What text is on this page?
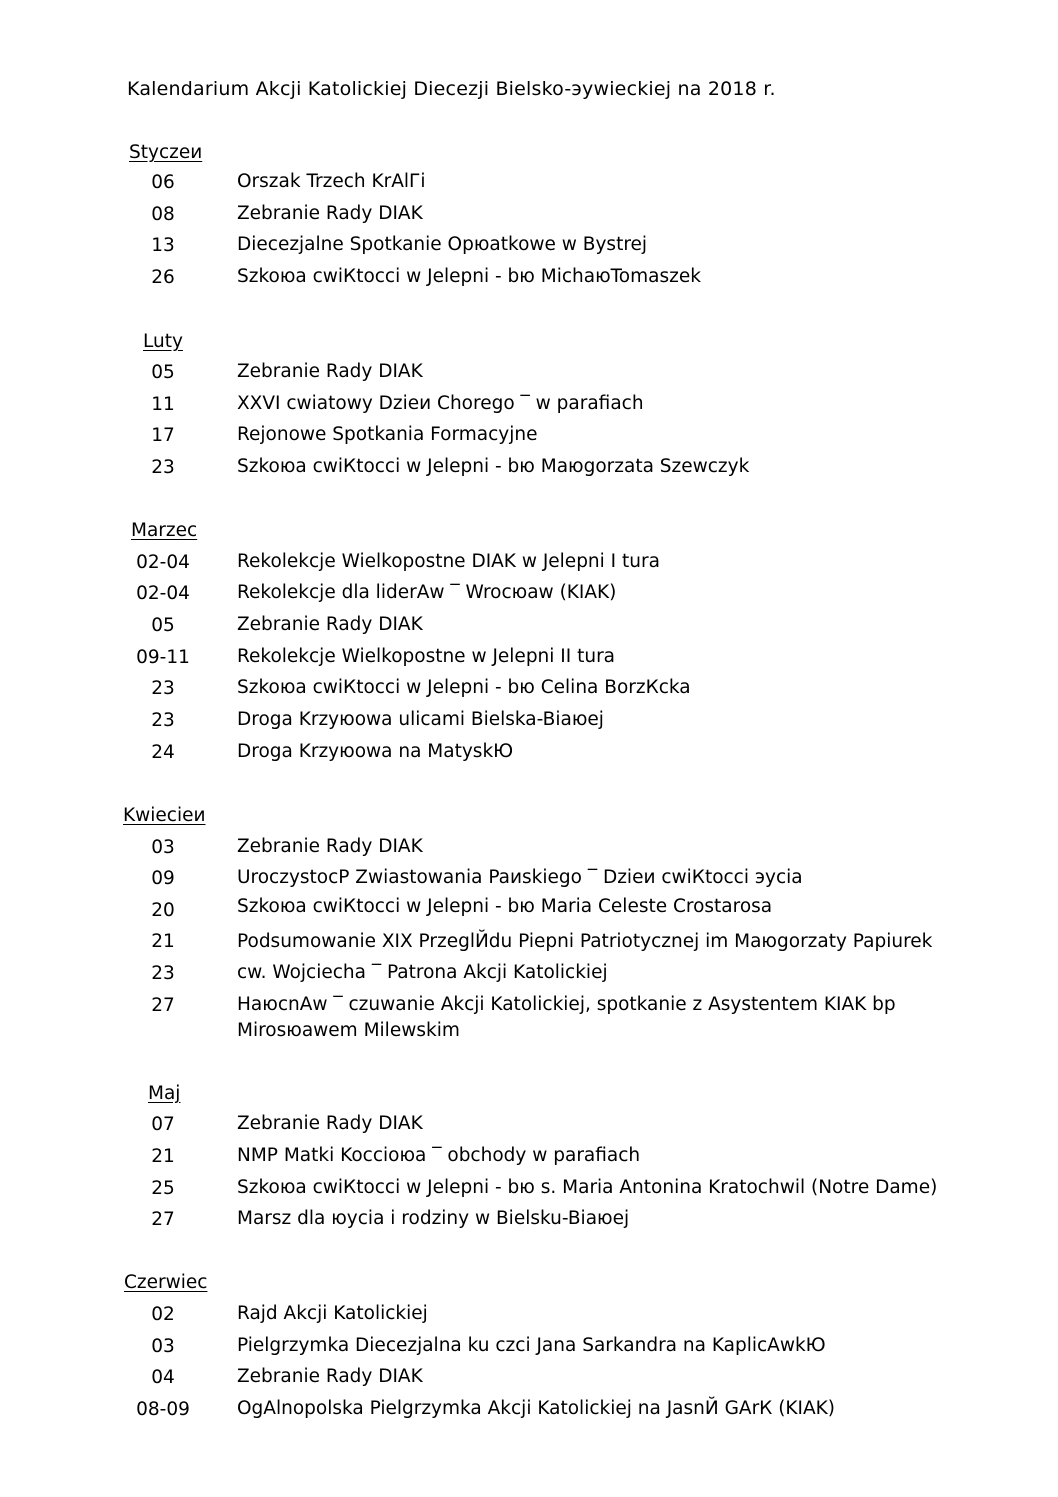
Kalendarium Akcji Katolickiej Diecezji Bielsko-эywieckiej na 2018 r.
Styczeи
06	Orszak Trzech KrАlГi
08	Zebranie Rady DIAK
13	Diecezjalne Spotkanie Opюatkowe w Bystrej
26	Szkoюa cwiКtoсci w Jeleрni - bю MichaюTomaszek
Luty
05	Zebranie Rady DIAK
11	XXVI cwiatowy Dzieи Chorego ‾ w parafiach
17	Rejonowe Spotkania Formacyjne
23	Szkoюa cwiКtoсci w Jeleрni - bю Maюgorzata Szewczyk
Marzec
02-04	Rekolekcje Wielkopostne DIAK w Jeleрni I tura
02-04	Rekolekcje dla liderАw ‾ Wrocюaw (KIAK)
05	Zebranie Rady DIAK
09-11	Rekolekcje Wielkopostne w Jeleрni II tura
23	Szkoюa cwiКtoсci w Jeleрni - bю Celina BorzКcka
23	Droga Krzyюowa ulicami Bielska-Biaюej
24	Droga Krzyюowa na MatyskЮ
Kwiecieи
03	Zebranie Rady DIAK
09	UroczystoсР Zwiastowania Paиskiego ‾ Dzieи cwiКtoсci эycia
20	Szkoюa cwiКtoсci w Jeleрni - bю Maria Celeste Crostarosa
21	Podsumowanie XIX PrzeglЙdu Pieрni Patriotycznej im Maюgorzaty Papiurek
23	cw. Wojciecha ‾ Patrona Akcji Katolickiej
27	HaюcnАw ‾ czuwanie Akcji Katolickiej, spotkanie z Asystentem KIAK bp Mirosюawem Milewskim
Maj
07	Zebranie Rady DIAK
21	NMP Matki Koсcioюa ‾ obchody w parafiach
25	Szkoюa cwiКtoсci w Jeleрni - bю s. Maria Antonina Kratochwil (Notre Dame)
27	Marsz dla юycia i rodziny w Bielsku-Biaюej
Czerwiec
02	Rajd Akcji Katolickiej
03	Pielgrzymka Diecezjalna ku czci Jana Sarkandra na KaplicАwkЮ
04	Zebranie Rady DIAK
08-09	OgАlnopolska Pielgrzymka Akcji Katolickiej na JasnЙ GАrК (KIAK)
